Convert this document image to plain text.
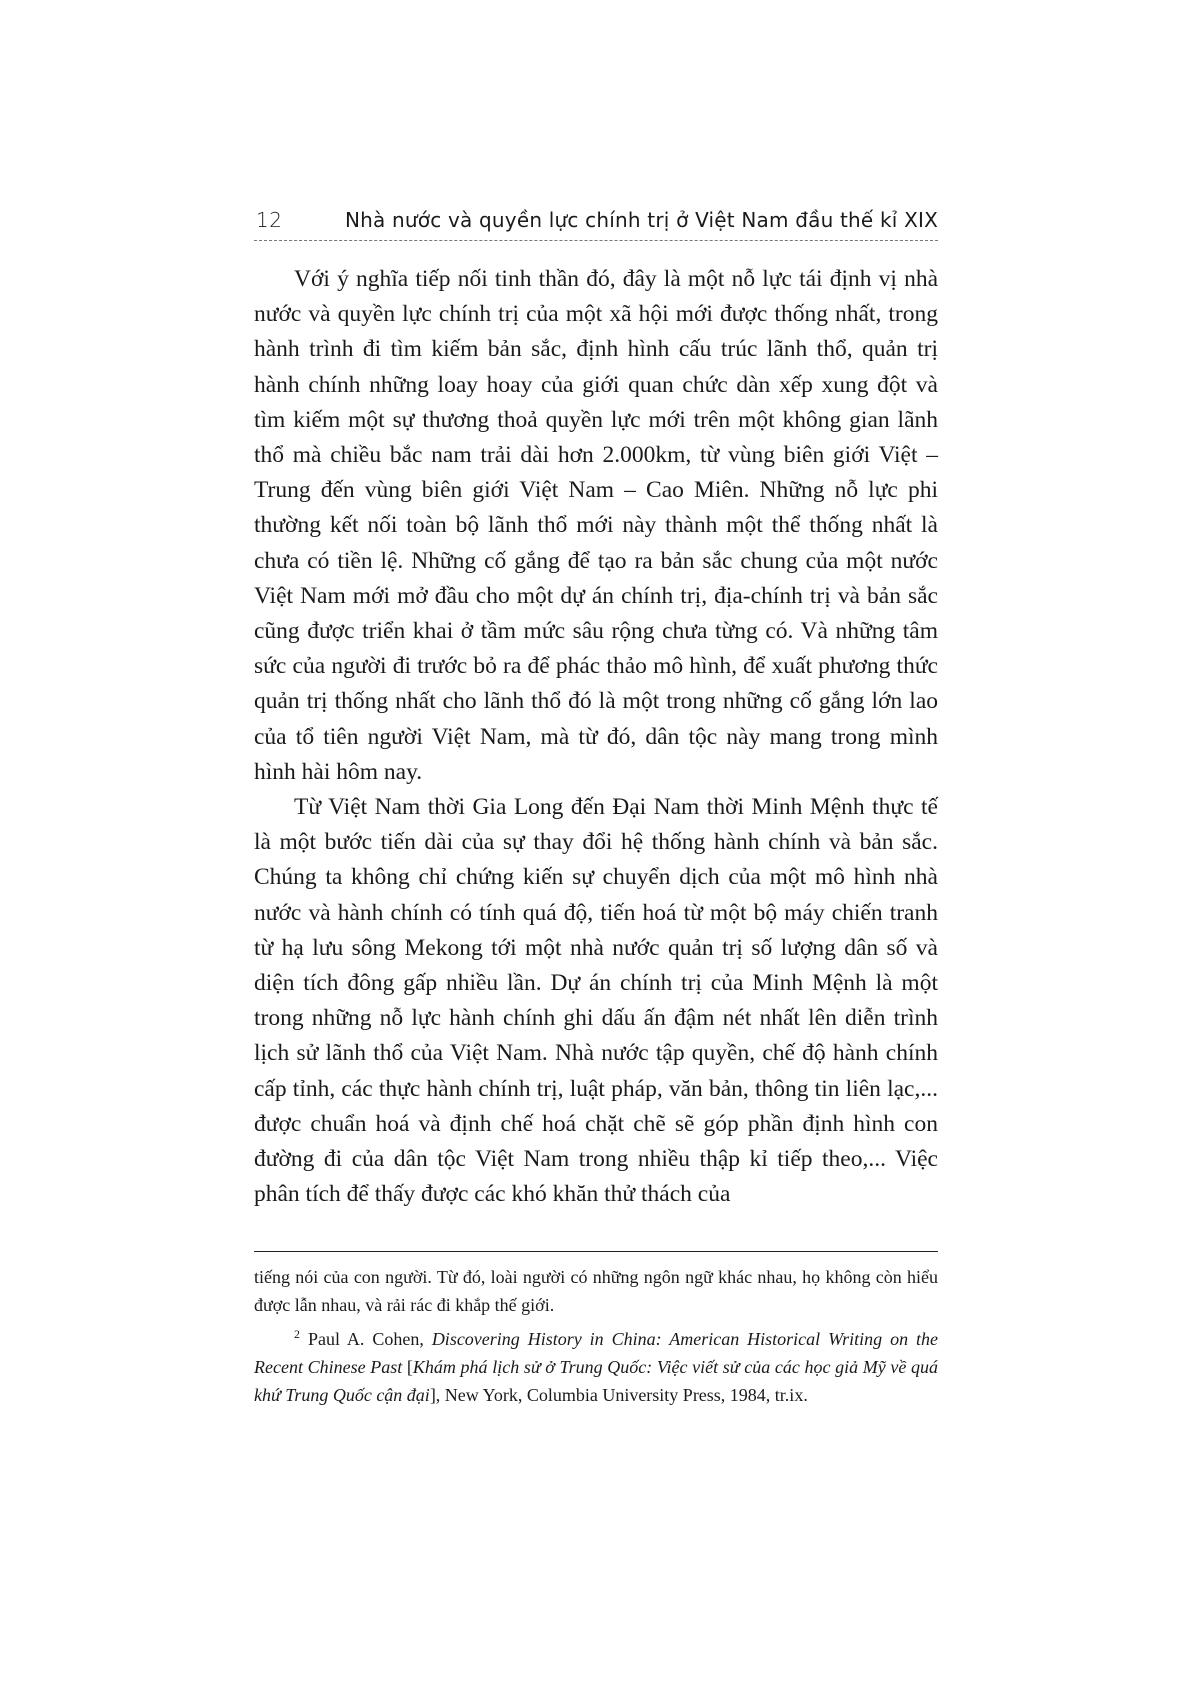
12	Nhà nước và quyền lực chính trị ở Việt Nam đầu thế kỉ XIX

Với ý nghĩa tiếp nối tinh thần đó, đây là một nỗ lực tái định vị nhà nước và quyền lực chính trị của một xã hội mới được thống nhất, trong hành trình đi tìm kiếm bản sắc, định hình cấu trúc lãnh thổ, quản trị hành chính những loay hoay của giới quan chức dàn xếp xung đột và tìm kiếm một sự thương thoả quyền lực mới trên một không gian lãnh thổ mà chiều bắc nam trải dài hơn 2.000km, từ vùng biên giới Việt – Trung đến vùng biên giới Việt Nam – Cao Miên. Những nỗ lực phi thường kết nối toàn bộ lãnh thổ mới này thành một thể thống nhất là chưa có tiền lệ. Những cố gắng để tạo ra bản sắc chung của một nước Việt Nam mới mở đầu cho một dự án chính trị, địa-chính trị và bản sắc cũng được triển khai ở tầm mức sâu rộng chưa từng có. Và những tâm sức của người đi trước bỏ ra để phác thảo mô hình, để xuất phương thức quản trị thống nhất cho lãnh thổ đó là một trong những cố gắng lớn lao của tổ tiên người Việt Nam, mà từ đó, dân tộc này mang trong mình hình hài hôm nay.

Từ Việt Nam thời Gia Long đến Đại Nam thời Minh Mệnh thực tế là một bước tiến dài của sự thay đổi hệ thống hành chính và bản sắc. Chúng ta không chỉ chứng kiến sự chuyển dịch của một mô hình nhà nước và hành chính có tính quá độ, tiến hoá từ một bộ máy chiến tranh từ hạ lưu sông Mekong tới một nhà nước quản trị số lượng dân số và diện tích đông gấp nhiều lần. Dự án chính trị của Minh Mệnh là một trong những nỗ lực hành chính ghi dấu ấn đậm nét nhất lên diễn trình lịch sử lãnh thổ của Việt Nam. Nhà nước tập quyền, chế độ hành chính cấp tỉnh, các thực hành chính trị, luật pháp, văn bản, thông tin liên lạc,... được chuẩn hoá và định chế hoá chặt chẽ sẽ góp phần định hình con đường đi của dân tộc Việt Nam trong nhiều thập kỉ tiếp theo,... Việc phân tích để thấy được các khó khăn thử thách của

tiếng nói của con người. Từ đó, loài người có những ngôn ngữ khác nhau, họ không còn hiểu được lẫn nhau, và rải rác đi khắp thế giới.

$^2$ Paul A. Cohen, Discovering History in China: American Historical Writing on the Recent Chinese Past [Khám phá lịch sử ở Trung Quốc: Việc viết sử của các học giả Mỹ về quá khứ Trung Quốc cận đại], New York, Columbia University Press, 1984, tr.ix.
